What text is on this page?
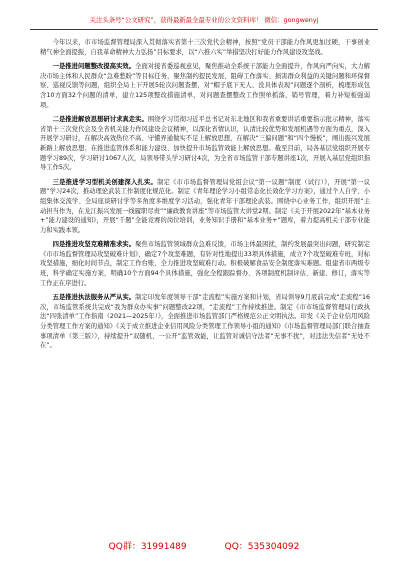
关注头条号“公文研究”，获得最新最全最专业的公文资料库！ 微信：gongwenyj

今年以来，市市场监督管理局深入贯彻落实省第十三次党代会精神，按照“党员干部能力作风更加过硬，干事创业精气神全面提振，自我革命精神大力弘扬”目标要求，以“六推六实”举措坚决打好能力作风建设攻坚战。

一是推进问题整改提高实效。全面对接省委巡视意见，聚焦推动全系统干部能力全面提升，作风向严向实，大力解决市场主体和人民群众“急难愁盼”等目标任务，聚焦制约提民发展、阻碍工作落实、损害群众利益的关键问题和环保督察、巡视反馈等问题，组织全局上下开展5轮次问题查摆，对“帽子底下无人、没具体表现”问题逐个剖析，梳理形成包含10方面32个问题的清单，建立125项整改措施清单，对问题查摆整改工作照单抓落，销号管理，着力补短板强弱项。

二是推进解放思想研讨求真走实。围绕学习贯彻习近平总书记对东北地区和我省重要讲话重要指示批示精神，落实省第十三次党代会及全省机关能力作风建设会议精神，以深化省情认识，认清比较优势和发展机遇等方面为重点，深入开展学习研讨，在解决高效热位不高、守懂弄通做实不足上解放思想，在解决“三偏问题”和“四个慢板”，阐出振兴发展新路上解放思想；在推进监管体系和能力建设、加快提升市场监管效能上解放思想。截至目前，局各基层党组织开展专题学习89次，学习研讨1067人次，局领导带头学习研讨4次，为全省市场监管干部专题讲座1次，开展入基层党组织指导工作5次。

三是推进学习型机关创建深入扎实。制定《市市场监督管理局党组会议“第一议题”制度（试行）》，开展“第一议题”学习24次，推动理论武装工作制度化规范化。制定《青年理论学习小组常态化长效化学习方案》，通过个人自学、小组集体交流学、全局座谈研讨学等多角度多维度学习活动，强化青年干部理论武装。围绕中心业务工作，组织开展“主动担当作为，在龙江振兴发展一线履职尽责”“廉政教育讲座”等市场监管大讲堂2期。制定《关于开展2022年“基本业务+”能力建设的通知》，开展“千题”全能竞赛的岗位培训，业务知识手册和“基本业务+”题库，着力提高机关干部专业能力和实践本领。

四是推进攻坚克难精准求实。聚焦市场监管领域群众急难反馈，市场主体最困扰，制约发展最突出问题，研究制定《市市场监督管理局攻坚破难计划》，确定7个攻坚难题，有针对性地提出33项具体措施，成立7个攻坚破难专班，对标攻坚措施，细化时间节点，制定工作台账，全力推进攻坚破难行动。积极破解食品安全制度落实难题。组建省市两级专班，科学确定实施方案，明确10个方面94个具体措施，强化全程跟踪督办、各项制度机制评估、新建、修订，落实等工作正在序进行。

五是推进执法服务从严从实。制定印发年度领导干部“走流程”实施方案和计划，省局领导9月底前完成“走流程”16次，市场监管系统共完成“我为群众办实事”问题整改22项，“走流程”工作持续推进。制定《市市场监督管理局行政执法“四张清单”工作指南（2021—2025年）》，全面推进市场监管部门严格规范公正文明执法。印发《关于企业信用风险分类管理工作方案的通知》《关于成立推进企业信用风险分类管理工作领导小组的通知》《市场监督管理局部门联合抽查事项清单（第三版）》，持续提升“双随机、一公开”监管效能，让监管对诚信守法者“无事不扰”，对违法失信者“无处不在”。

QQ群：31991489	QQ：535304092
